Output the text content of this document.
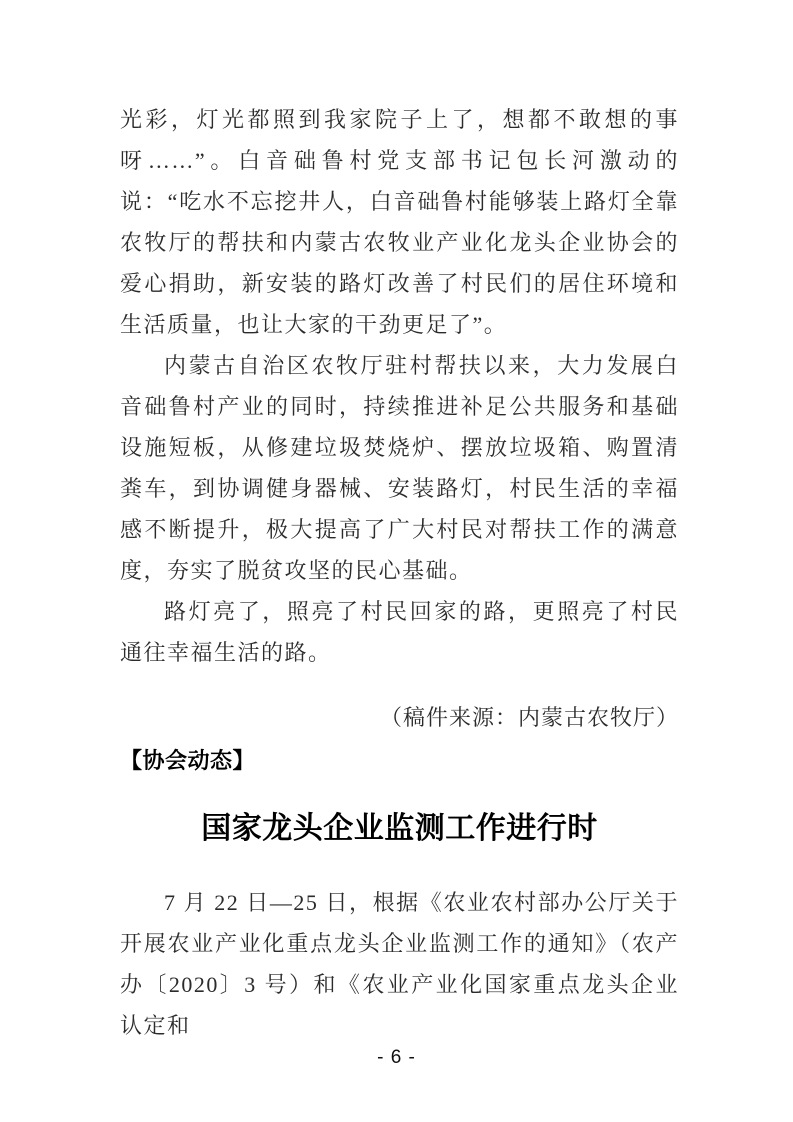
光彩，灯光都照到我家院子上了，想都不敢想的事呀……”。白音础鲁村党支部书记包长河激动的说：“吃水不忘挖井人，白音础鲁村能够装上路灯全靠农牧厅的帮扶和内蒙古农牧业产业化龙头企业协会的爱心捐助，新安装的路灯改善了村民们的居住环境和生活质量，也让大家的干劲更足了”。

内蒙古自治区农牧厅驻村帮扶以来，大力发展白音础鲁村产业的同时，持续推进补足公共服务和基础设施短板，从修建垃圾焚烧炉、摆放垃圾箱、购置清粪车，到协调健身器械、安装路灯，村民生活的幸福感不断提升，极大提高了广大村民对帮扶工作的满意度，夯实了脱贫攻坚的民心基础。

路灯亮了，照亮了村民回家的路，更照亮了村民通往幸福生活的路。

（稿件来源：内蒙古农牧厅）

【协会动态】
国家龙头企业监测工作进行时

7 月 22 日—25 日，根据《农业农村部办公厅关于开展农业产业化重点龙头企业监测工作的通知》（农产办〔2020〕3 号）和《农业产业化国家重点龙头企业认定和

- 6 -
